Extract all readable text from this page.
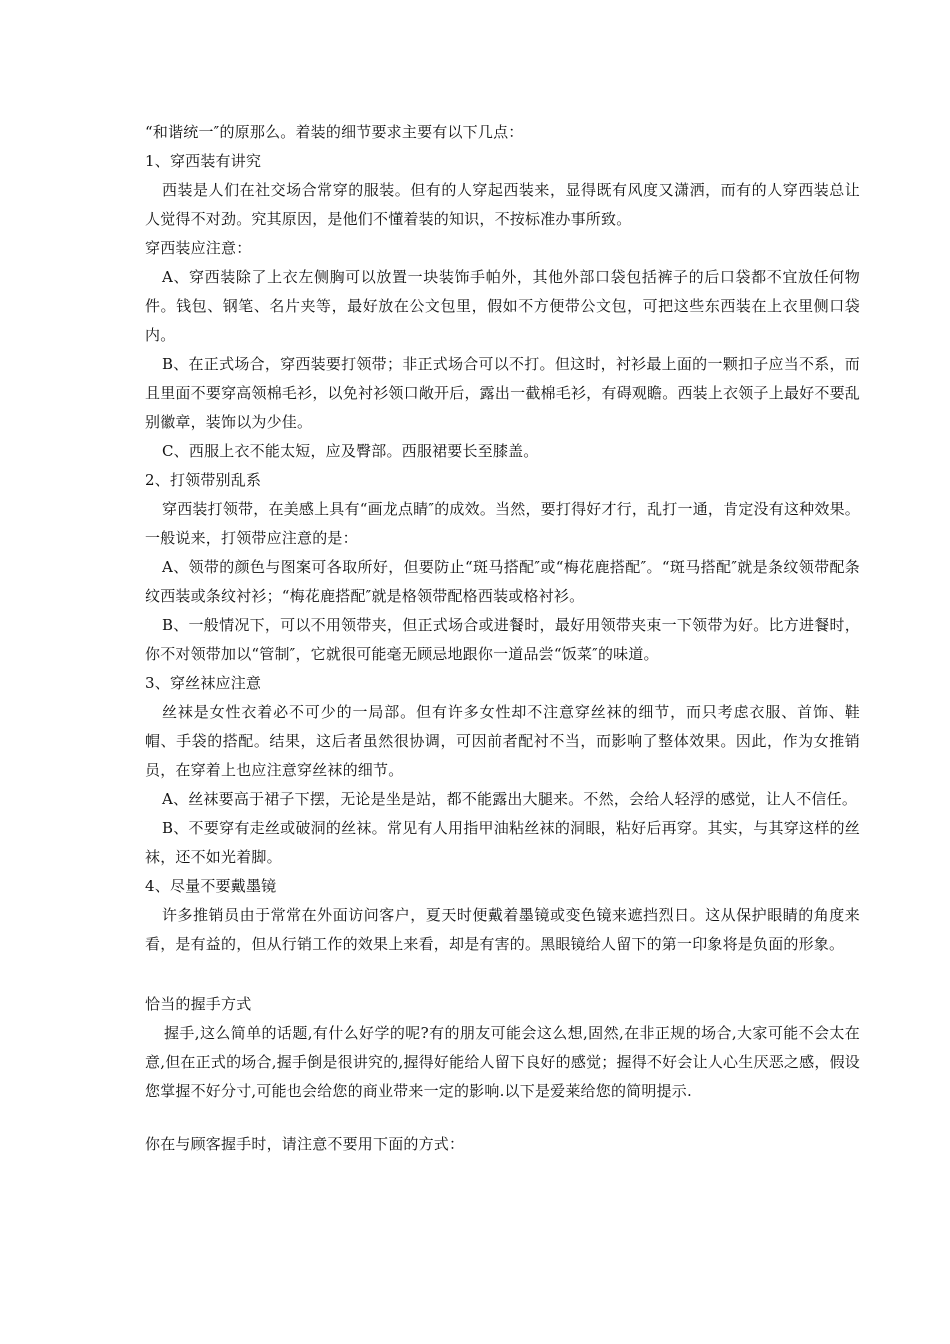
“和谐统一″的原那么。着装的细节要求主要有以下几点：
1、穿西装有讲究
西装是人们在社交场合常穿的服装。但有的人穿起西装来，显得既有风度又潇洒，而有的人穿西装总让人觉得不对劲。究其原因，是他们不懂着装的知识，不按标准办事所致。
穿西装应注意：
A、穿西装除了上衣左侧胸可以放置一块装饰手帕外，其他外部口袋包括裤子的后口袋都不宜放任何物件。钱包、钢笔、名片夹等，最好放在公文包里，假如不方便带公文包，可把这些东西装在上衣里侧口袋内。
B、在正式场合，穿西装要打领带；非正式场合可以不打。但这时，衬衫最上面的一颗扣子应当不系，而且里面不要穿高领棉毛衫，以免衬衫领口敞开后，露出一截棉毛衫，有碍观瞻。西装上衣领子上最好不要乱别徽章，装饰以为少佳。
C、西服上衣不能太短，应及臀部。西服裙要长至膝盖。
2、打领带别乱系
穿西装打领带，在美感上具有“画龙点睛″的成效。当然，要打得好才行，乱打一通，肯定没有这种效果。一般说来，打领带应注意的是：
A、领带的颜色与图案可各取所好，但要防止“斑马搭配″或“梅花鹿搭配″。“斑马搭配″就是条纹领带配条纹西装或条纹衬衫；“梅花鹿搭配″就是格领带配格西装或格衬衫。
B、一般情况下，可以不用领带夹，但正式场合或进餐时，最好用领带夹束一下领带为好。比方进餐时，你不对领带加以“管制″，它就很可能毫无顾忌地跟你一道品尝“饭菜″的味道。
3、穿丝袜应注意
丝袜是女性衣着必不可少的一局部。但有许多女性却不注意穿丝袜的细节，而只考虑衣服、首饰、鞋帽、手袋的搭配。结果，这后者虽然很协调，可因前者配衬不当，而影响了整体效果。因此，作为女推销员，在穿着上也应注意穿丝袜的细节。
A、丝袜要高于裙子下摆，无论是坐是站，都不能露出大腿来。不然，会给人轻浮的感觉，让人不信任。
B、不要穿有走丝或破洞的丝袜。常见有人用指甲油粘丝袜的洞眼，粘好后再穿。其实，与其穿这样的丝袜，还不如光着脚。
4、尽量不要戴墨镜
许多推销员由于常常在外面访问客户，夏天时便戴着墨镜或变色镜来遮挡烈日。这从保护眼睛的角度来看，是有益的，但从行销工作的效果上来看，却是有害的。黑眼镜给人留下的第一印象将是负面的形象。
恰当的握手方式
握手,这么简单的话题,有什么好学的呢?有的朋友可能会这么想,固然,在非正规的场合,大家可能不会太在意,但在正式的场合,握手倒是很讲究的,握得好能给人留下良好的感觉；握得不好会让人心生厌恶之感，假设您掌握不好分寸,可能也会给您的商业带来一定的影响.以下是爱莱给您的简明提示.
你在与顾客握手时，请注意不要用下面的方式：
